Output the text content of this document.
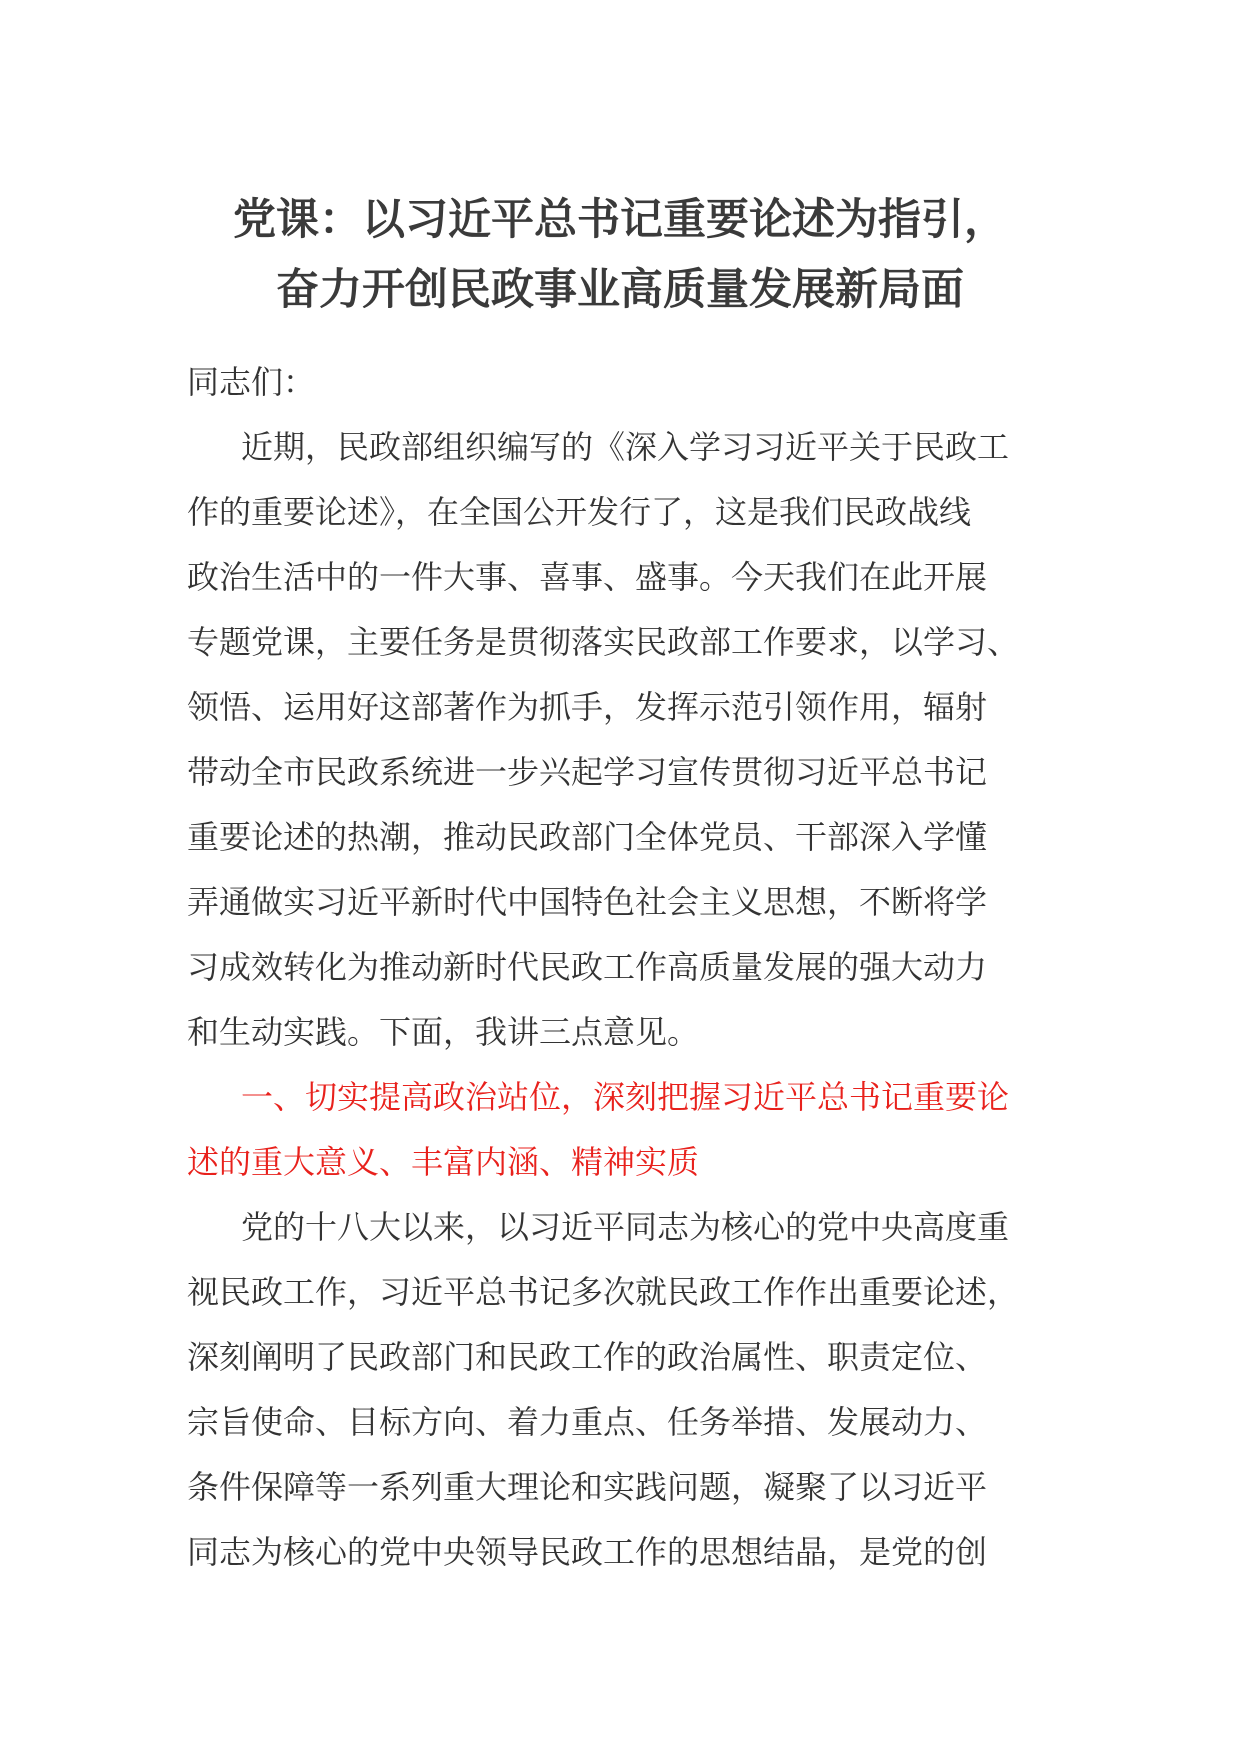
党课：以习近平总书记重要论述为指引，
奋力开创民政事业高质量发展新局面
同志们：
近期，民政部组织编写的《深入学习习近平关于民政工
作的重要论述》，在全国公开发行了，这是我们民政战线
政治生活中的一件大事、喜事、盛事。今天我们在此开展
专题党课，主要任务是贯彻落实民政部工作要求，以学习、
领悟、运用好这部著作为抓手，发挥示范引领作用，辐射
带动全市民政系统进一步兴起学习宣传贯彻习近平总书记
重要论述的热潮，推动民政部门全体党员、干部深入学懂
弄通做实习近平新时代中国特色社会主义思想，不断将学
习成效转化为推动新时代民政工作高质量发展的强大动力
和生动实践。下面，我讲三点意见。
一、切实提高政治站位，深刻把握习近平总书记重要论
述的重大意义、丰富内涵、精神实质
党的十八大以来，以习近平同志为核心的党中央高度重
视民政工作，习近平总书记多次就民政工作作出重要论述，
深刻阐明了民政部门和民政工作的政治属性、职责定位、
宗旨使命、目标方向、着力重点、任务举措、发展动力、
条件保障等一系列重大理论和实践问题，凝聚了以习近平
同志为核心的党中央领导民政工作的思想结晶，是党的创
